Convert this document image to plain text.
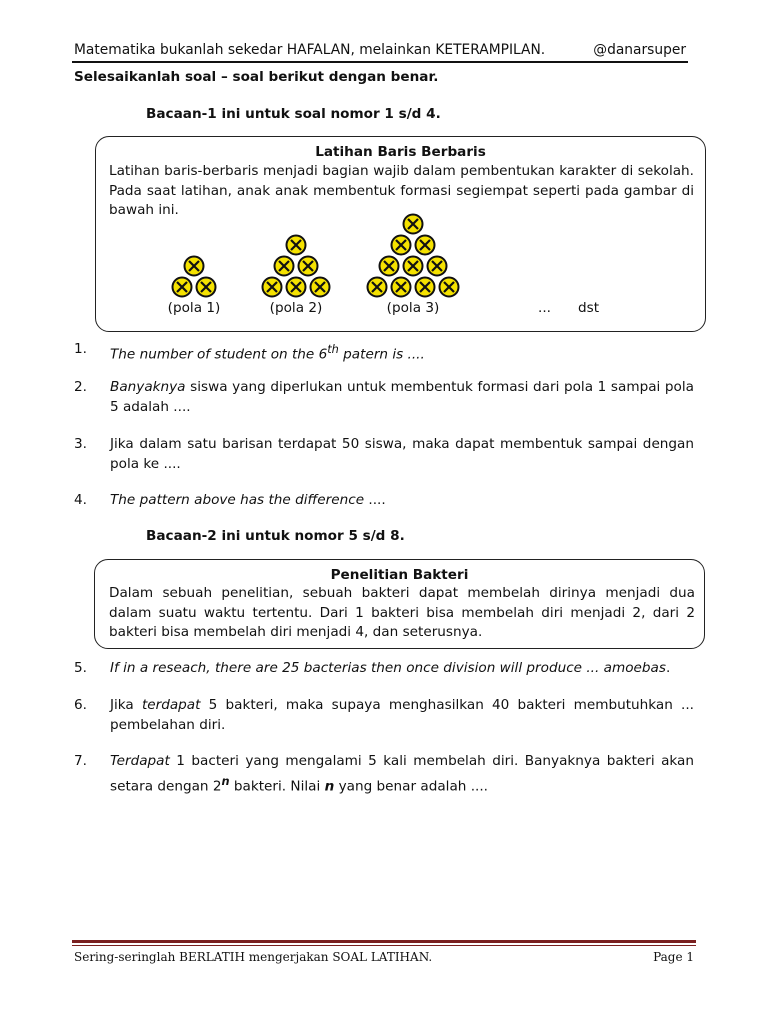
Matematika bukanlah sekedar HAFALAN, melainkan KETERAMPILAN.	@danarsuper
Selesaikanlah soal – soal berikut dengan benar.
Bacaan-1 ini untuk soal nomor 1 s/d 4.
Latihan Baris Berbaris
Latihan baris-berbaris menjadi bagian wajib dalam pembentukan karakter di sekolah. Pada saat latihan, anak anak membentuk formasi segiempat seperti pada gambar di bawah ini.
(pola 1)	(pola 2)	(pola 3)	... dst
1. The number of student on the 6th patern is ....
2. Banyaknya siswa yang diperlukan untuk membentuk formasi dari pola 1 sampai pola 5 adalah ....
3. Jika dalam satu barisan terdapat 50 siswa, maka dapat membentuk sampai dengan pola ke ....
4. The pattern above has the difference ....
Bacaan-2 ini untuk nomor 5 s/d 8.
Penelitian Bakteri
Dalam sebuah penelitian, sebuah bakteri dapat membelah dirinya menjadi dua dalam suatu waktu tertentu. Dari 1 bakteri bisa membelah diri menjadi 2, dari 2 bakteri bisa membelah diri menjadi 4, dan seterusnya.
5. If in a reseach, there are 25 bacterias then once division will produce ... amoebas.
6. Jika terdapat 5 bakteri, maka supaya menghasilkan 40 bakteri membutuhkan ... pembelahan diri.
7. Terdapat 1 bacteri yang mengalami 5 kali membelah diri. Banyaknya bakteri akan setara dengan 2$^n$ bakteri. Nilai n yang benar adalah ....
Sering-seringlah BERLATIH mengerjakan SOAL LATIHAN.	Page 1
